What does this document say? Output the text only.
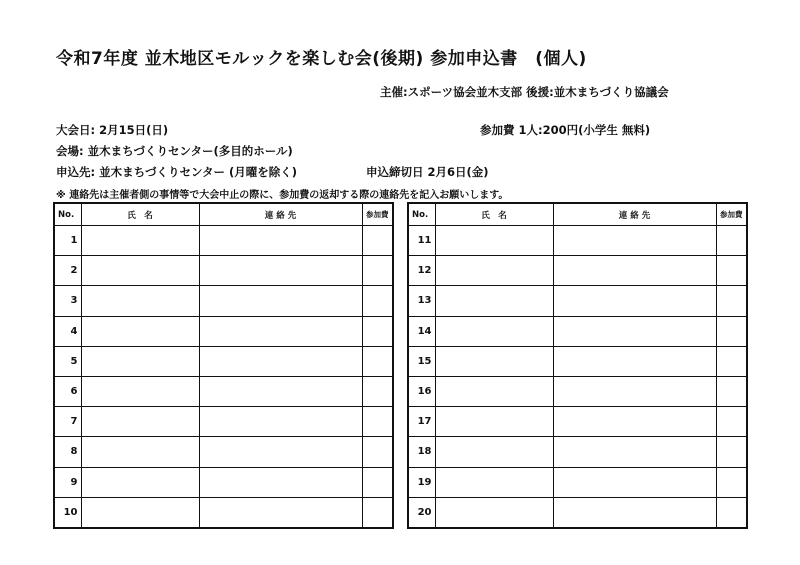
令和7年度 並木地区モルックを楽しむ会(後期) 参加申込書　(個人)
主催:スポーツ協会並木支部 後援:並木まちづくり協議会
大会日: 2月15日(日)	参加費 1人:200円(小学生 無料)
会場: 並木まちづくりセンター(多目的ホール)
申込先: 並木まちづくりセンター (月曜を除く)	申込締切日 2月6日(金)
※ 連絡先は主催者側の事情等で大会中止の際に、参加費の返却する際の連絡先を記入お願いします。
No.	氏　名	連 絡 先	参加費
1			
2			
3			
4			
5			
6			
7			
8			
9			
10			
No.	氏　名	連 絡 先	参加費
11			
12			
13			
14			
15			
16			
17			
18			
19			
20			
